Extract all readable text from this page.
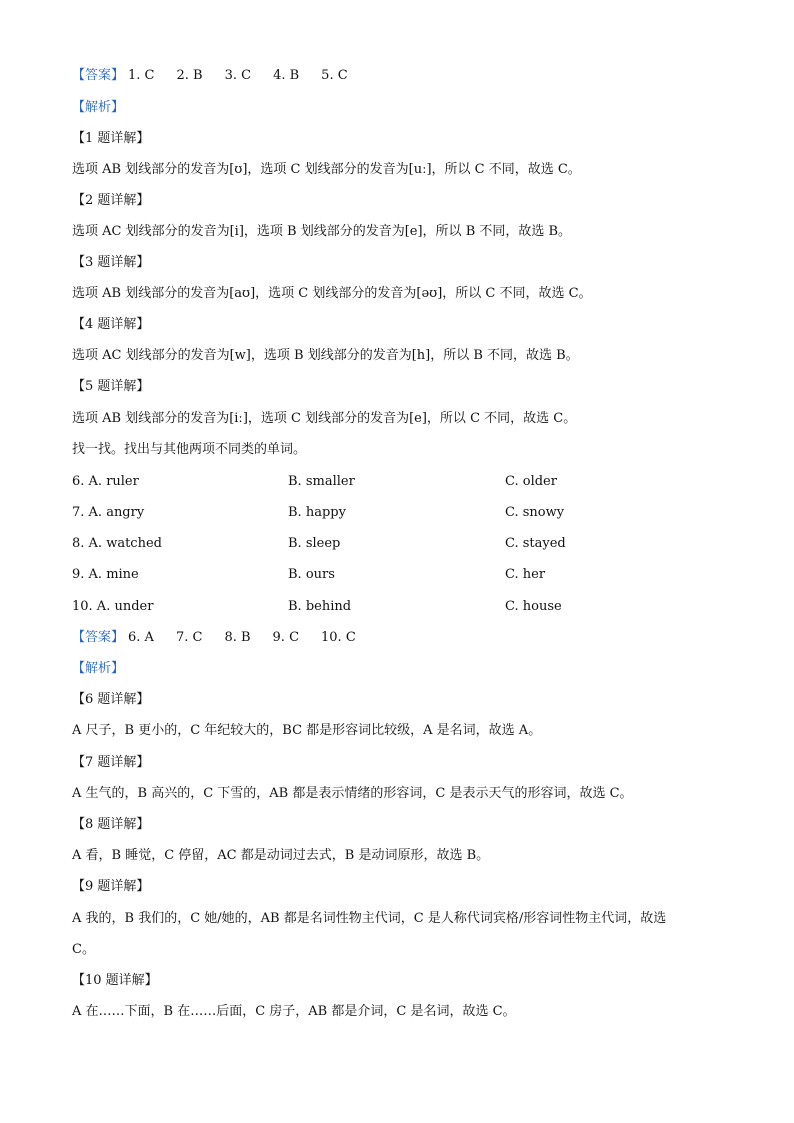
【答案】 1. C 2. B 3. C 4. B 5. C
【解析】
【1 题详解】
选项 AB 划线部分的发音为[ʊ]，选项 C 划线部分的发音为[uː]，所以 C 不同，故选 C。
【2 题详解】
选项 AC 划线部分的发音为[i]，选项 B 划线部分的发音为[e]，所以 B 不同，故选 B。
【3 题详解】
选项 AB 划线部分的发音为[aʊ]，选项 C 划线部分的发音为[əʊ]，所以 C 不同，故选 C。
【4 题详解】
选项 AC 划线部分的发音为[w]，选项 B 划线部分的发音为[h]，所以 B 不同，故选 B。
【5 题详解】
选项 AB 划线部分的发音为[iː]，选项 C 划线部分的发音为[e]，所以 C 不同，故选 C。
找一找。找出与其他两项不同类的单词。
6. A. ruler	B. smaller	C. older
7. A. angry	B. happy	C. snowy
8. A. watched	B. sleep	C. stayed
9. A. mine	B. ours	C. her
10. A. under	B. behind	C. house
【答案】 6. A 7. C 8. B 9. C 10. C
【解析】
【6 题详解】
A 尺子，B 更小的，C 年纪较大的，BC 都是形容词比较级，A 是名词，故选 A。
【7 题详解】
A 生气的，B 高兴的，C 下雪的，AB 都是表示情绪的形容词，C 是表示天气的形容词，故选 C。
【8 题详解】
A 看，B 睡觉，C 停留，AC 都是动词过去式，B 是动词原形，故选 B。
【9 题详解】
A 我的，B 我们的，C 她/她的，AB 都是名词性物主代词，C 是人称代词宾格/形容词性物主代词，故选
C。
【10 题详解】
A 在……下面，B 在……后面，C 房子，AB 都是介词，C 是名词，故选 C。
